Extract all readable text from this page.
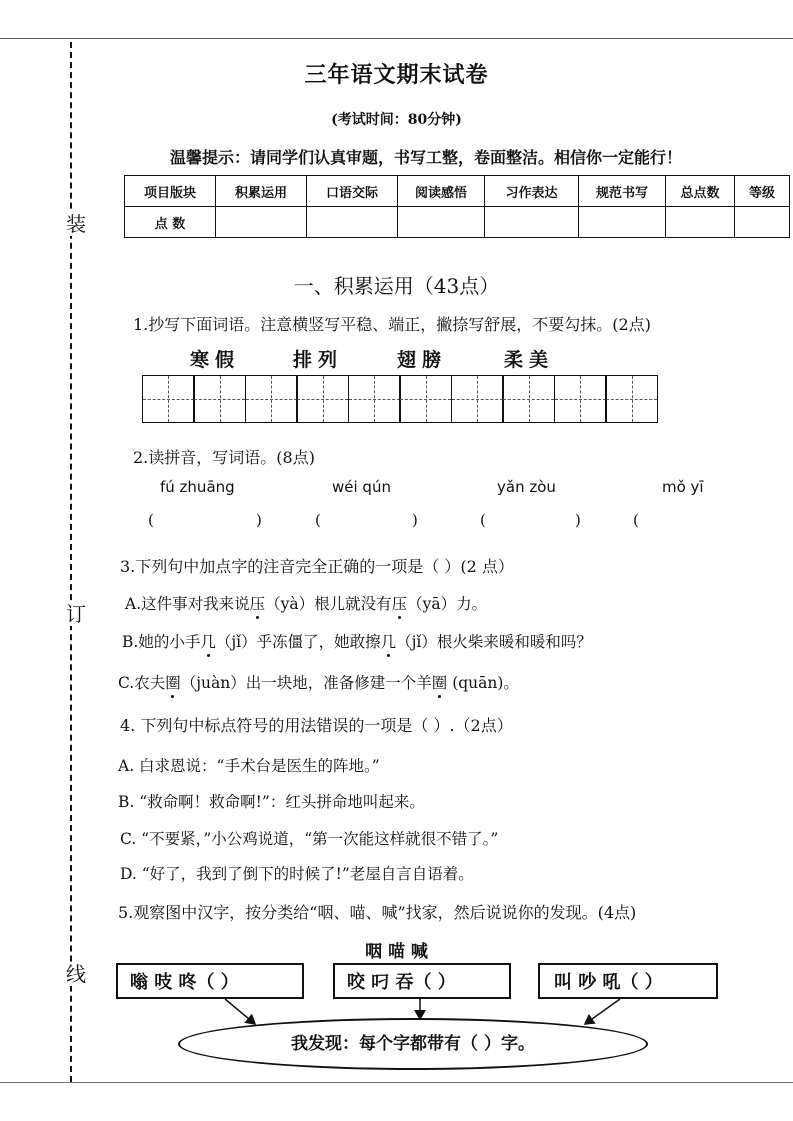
装
订
线
三年语文期末试卷
(考试时间：80分钟)
温馨提示：请同学们认真审题，书写工整，卷面整洁。相信你一定能行！
项目版块	积累运用	口语交际	阅读感悟	习作表达	规范书写	总点数	等级
点 数							
一、积累运用（43点）
1.抄写下面词语。注意横竖写平稳、端正，撇捺写舒展，不要勾抹。(2点)
寒假	排列	翅膀	柔美
2.读拼音，写词语。(8点)
fú zhuāng	wéi qún	yǎn zòu	mǒ yī
(	)	(	)	(	)	(
3.下列句中加点字的注音完全正确的一项是（ ）(2 点）
A.这件事对我来说压（yà）根儿就没有压（yā）力。
B.她的小手几（jǐ）乎冻僵了，她敢擦几（jǐ）根火柴来暖和暖和吗？
C.农夫圈（juàn）出一块地，准备修建一个羊圈 (quān)。
4. 下列句中标点符号的用法错误的一项是（ ）.（2点）
A. 白求恩说：“手术台是医生的阵地。”
B. “救命啊！救命啊!”：红头拼命地叫起来。
C. “不要紧，”小公鸡说道，“第一次能这样就很不错了。”
D. “好了，我到了倒下的时候了!”老屋自言自语着。
5.观察图中汉字，按分类给“咽、喵、喊”找家，然后说说你的发现。(4点)
咽 喵 喊
嗡 吱 咚（ ）	咬 叼 吞（ ）	叫 吵 吼（ ）
我发现：每个字都带有（ ）字。
